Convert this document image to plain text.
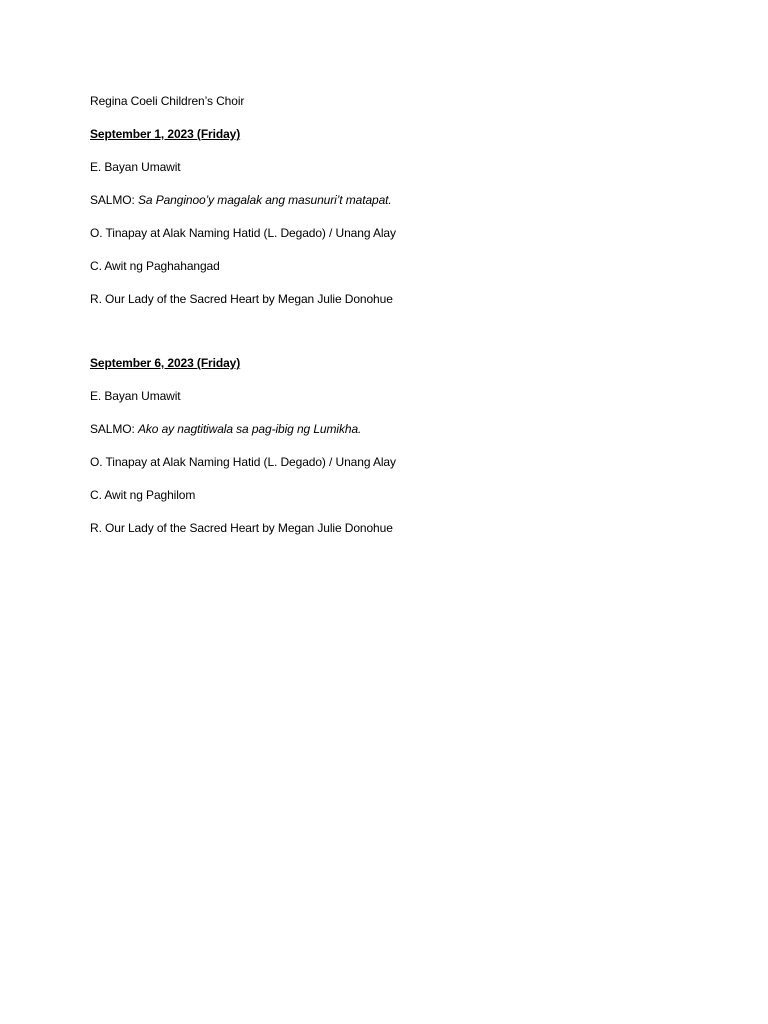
Regina Coeli Children’s Choir
September 1, 2023 (Friday)
E. Bayan Umawit
SALMO: Sa Panginoo’y magalak ang masunuri’t matapat.
O. Tinapay at Alak Naming Hatid (L. Degado) / Unang Alay
C. Awit ng Paghahangad
R. Our Lady of the Sacred Heart by Megan Julie Donohue
September 6, 2023 (Friday)
E. Bayan Umawit
SALMO: Ako ay nagtitiwala sa pag-ibig ng Lumikha.
O. Tinapay at Alak Naming Hatid (L. Degado) / Unang Alay
C. Awit ng Paghilom
R. Our Lady of the Sacred Heart by Megan Julie Donohue
